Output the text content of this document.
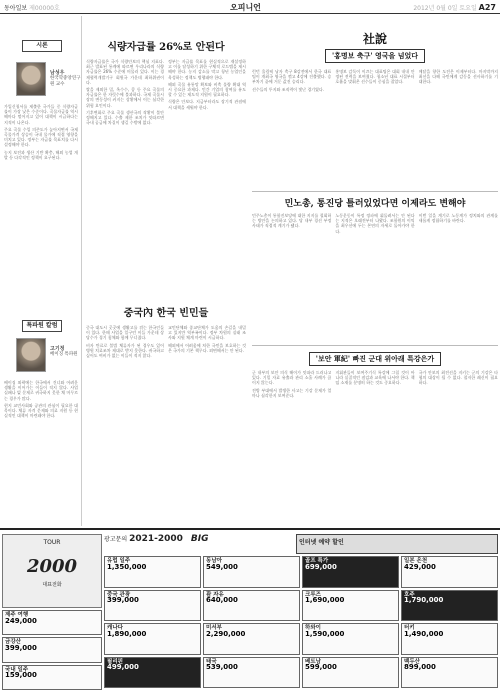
동아일보 제00000호	오피니언	2012년 0월 0일 토요일 A27
시론
남성우
한국학중앙연구원 교수

가입신청서를 제출한 국가들 중 식량자급률이 가장 낮은 수준이다. 곡물자급률 역시 해마다 떨어지고 있어 대책이 시급하다는 지적이 나온다.

주요 곡물 수입 의존도가 높아지면서 국제 곡물가격 상승이 국내 물가에 직접 영향을 미치고 있다. 정부는 자급률 목표치를 다시 설정해야 한다.

농지 보전과 생산 기반 확충, 해외 농업 개발 등 다각적인 정책이 요구된다.

특파원 칼럼
고기정
베이징 특파원

베이징 외곽에는 한국에서 건너와 어려운 생활을 이어가는 이들이 적지 않다. 사업 실패나 빚 문제로 귀국하지 못한 채 머무르는 경우가 많다.

현지 교민사회와 공관의 관심이 필요한 대목이다. 체류 자격 문제와 의료 지원 등 현실적인 대책이 마련돼야 한다.

식량자급률 26%로 안된다

식량자급률은 국가 식량안보의 핵심 지표다. 최근 발표된 통계에 따르면 우리나라의 식량자급률은 26% 수준에 머물러 있다. 이는 경제협력개발기구 회원국 가운데 최하위권이다.

쌀을 제외한 밀, 옥수수, 콩 등 주요 곡물의 자급률은 한 자릿수에 불과하다. 국제 곡물시장의 변동성이 커지는 상황에서 이는 심각한 위험 요인이다.

기후변화로 주요 곡물 생산국의 작황이 불안정해지고 있다. 수출 제한 조치가 잇따르면 국내 공급에 차질이 생길 수밖에 없다.

정부는 자급률 목표를 현실적으로 재설정하고 이를 달성하기 위한 구체적 로드맵을 제시해야 한다. 농지 감소를 막고 청년 농업인을 육성하는 정책도 병행돼야 한다.

해외 곡물 유통망 확보와 비축 물량 확대 역시 중요한 과제다. 민간 기업의 참여를 유도할 수 있는 제도적 지원이 필요하다.

식량은 안보다. 지금부터라도 장기적 관점에서 대책을 세워야 한다.

중국內 한국 빈민들

중국 대도시 곳곳에 생활고를 겪는 한국인들이 있다. 한때 사업을 일구던 이들 가운데 상당수가 경기 침체와 함께 무너졌다.

비자 만료로 불법 체류자가 된 경우도 있어 병원 치료조차 제대로 받지 못한다. 귀국하고 싶어도 여비가 없는 이들이 적지 않다.

교민단체와 종교단체가 도움의 손길을 내밀고 있지만 역부족이다. 정부 차원의 실태 조사와 지원 체계 마련이 시급하다.

해외에서 어려움에 처한 국민을 보호하는 것은 국가의 기본 책무다. 외면해서는 안 된다.

社說
'홍명보 축구' 영국을 넘었다

런던 올림픽 남자 축구 8강전에서 한국 대표팀이 개최국 영국을 꺾고 4강에 진출했다. 승부차기 끝에 거둔 값진 승리다.

선수들의 투지와 조직력이 빛난 경기였다.

홍명보 감독이 이끄는 대표팀은 대회 내내 안정된 전력을 보여줬다. 청소년 대표 시절부터 호흡을 맞춰온 선수들이 중심을 잡았다.

메달을 향한 도전은 이제부터다. 마지막까지 최선을 다해 국민에게 감동을 선사하기를 기대한다.

민노총, 통진당 틀러있었다면 이제라도 변해야

민주노총이 통합진보당에 대한 지지를 철회하는 방안을 논의하고 있다. 당 내부 경선 부정 사태가 직접적 계기가 됐다.

노동운동이 특정 정파에 휘둘려서는 안 된다는 지적은 오래전부터 나왔다. 조합원의 이익을 최우선에 두는 본연의 자세로 돌아가야 한다.

이번 일을 계기로 노동계가 정치와의 관계를 새롭게 정립하기를 바란다.

'보안 軍紀' 빠진 군대 위아래 특강은가

군 내부의 보안 의식 해이가 잇따라 드러나고 있다. 기밀 자료 유출과 관리 소홀 사례가 끊이지 않는다.

전방 부대에서 발생한 사고는 기강 문제가 얼마나 심각한지 보여준다.

지휘관들이 보여주기식 특강에 그칠 것이 아니라 실질적인 점검과 교육에 나서야 한다. 책임 소재를 분명히 하는 것도 중요하다.

국가 안보의 최전선을 지키는 군의 기강은 타협의 대상이 될 수 없다. 철저한 쇄신이 필요하다.

TOUR
2000
대표전화
광고문의 2021-2000 BIG	인터넷 예약 할인
유럽 일주
1,350,000
동남아
549,000
골프 특가
699,000
일본 온천
429,000
중국 관광
399,000
괌 자유
640,000
크루즈
1,690,000
호주
1,790,000
캐나다
1,890,000
미서부
2,290,000
하와이
1,590,000
터키
1,490,000
필리핀
499,000
태국
539,000
베트남
599,000
백두산
899,000
제주 여행
249,000
금강산
399,000
국내 일주
159,000
